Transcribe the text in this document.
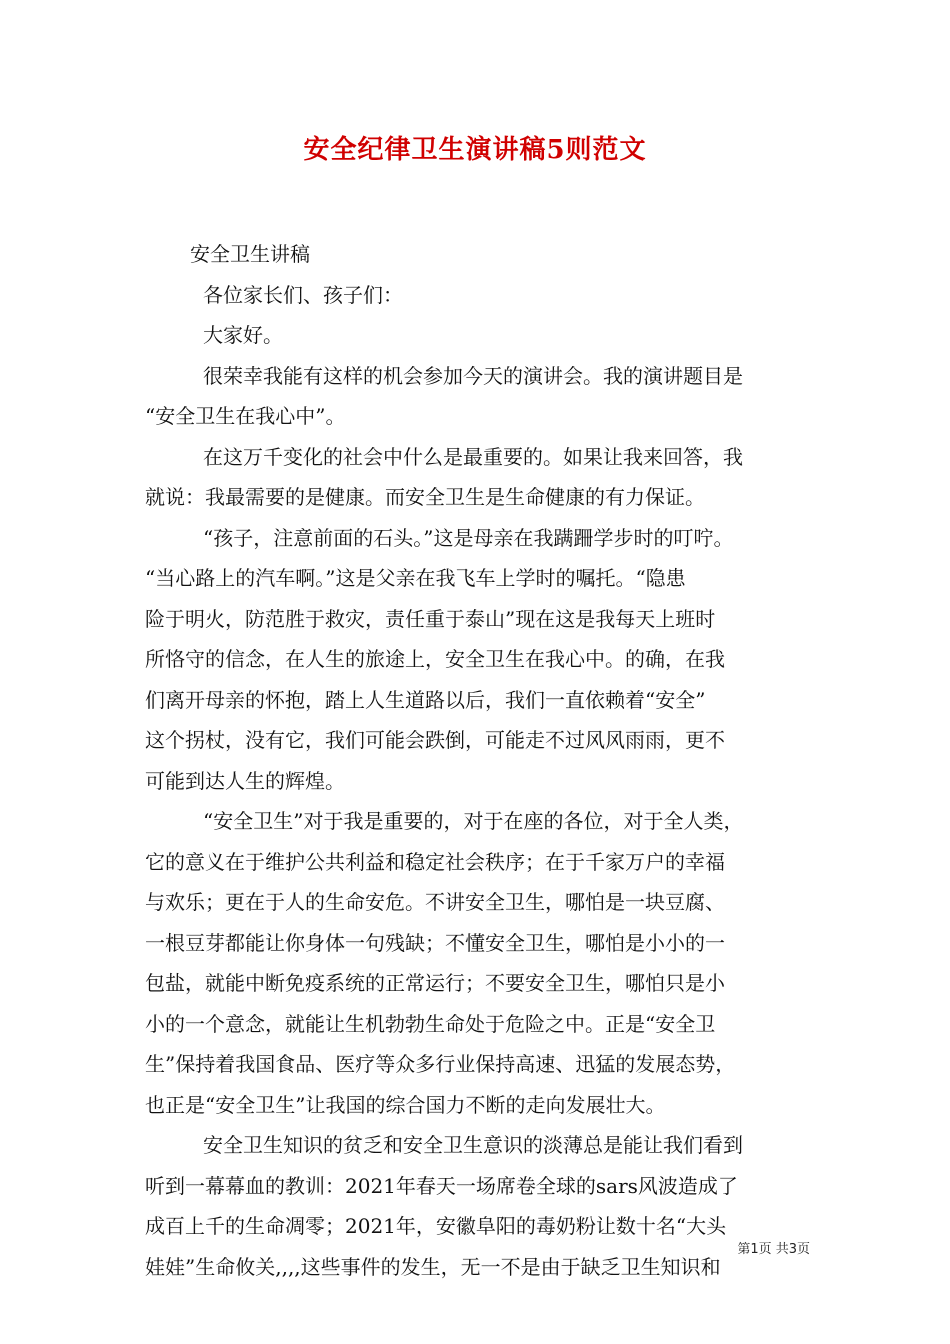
安全纪律卫生演讲稿5则范文
安全卫生讲稿
各位家长们、孩子们：
大家好。
很荣幸我能有这样的机会参加今天的演讲会。我的演讲题目是
“安全卫生在我心中”。
在这万千变化的社会中什么是最重要的。如果让我来回答，我
就说：我最需要的是健康。而安全卫生是生命健康的有力保证。
“孩子，注意前面的石头。”这是母亲在我蹒跚学步时的叮咛。
“当心路上的汽车啊。”这是父亲在我飞车上学时的嘱托。“隐患
险于明火，防范胜于救灾，责任重于泰山”现在这是我每天上班时
所恪守的信念，在人生的旅途上，安全卫生在我心中。的确，在我
们离开母亲的怀抱，踏上人生道路以后，我们一直依赖着“安全”
这个拐杖，没有它，我们可能会跌倒，可能走不过风风雨雨，更不
可能到达人生的辉煌。
“安全卫生”对于我是重要的，对于在座的各位，对于全人类，
它的意义在于维护公共利益和稳定社会秩序；在于千家万户的幸福
与欢乐；更在于人的生命安危。不讲安全卫生，哪怕是一块豆腐、
一根豆芽都能让你身体一句残缺；不懂安全卫生，哪怕是小小的一
包盐，就能中断免疫系统的正常运行；不要安全卫生，哪怕只是小
小的一个意念，就能让生机勃勃生命处于危险之中。正是“安全卫
生”保持着我国食品、医疗等众多行业保持高速、迅猛的发展态势，
也正是“安全卫生”让我国的综合国力不断的走向发展壮大。
安全卫生知识的贫乏和安全卫生意识的淡薄总是能让我们看到
听到一幕幕血的教训：2021年春天一场席卷全球的sars风波造成了
成百上千的生命凋零；2021年，安徽阜阳的毒奶粉让数十名“大头
娃娃”生命攸关,,,,这些事件的发生，无一不是由于缺乏卫生知识和
第1页 共3页
